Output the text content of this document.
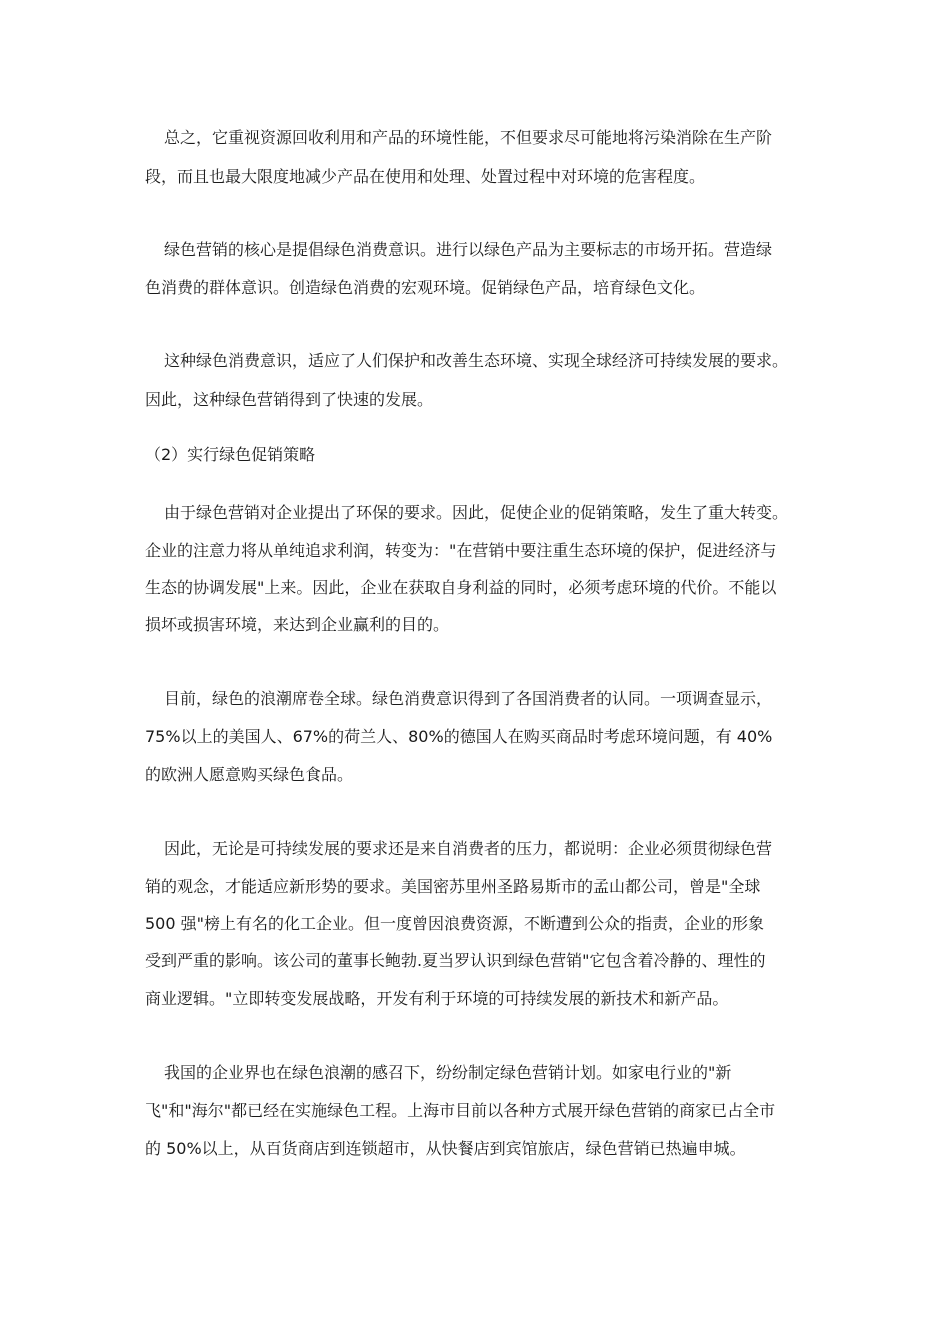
总之，它重视资源回收利用和产品的环境性能，不但要求尽可能地将污染消除在生产阶
段，而且也最大限度地减少产品在使用和处理、处置过程中对环境的危害程度。
绿色营销的核心是提倡绿色消费意识。进行以绿色产品为主要标志的市场开拓。营造绿
色消费的群体意识。创造绿色消费的宏观环境。促销绿色产品，培育绿色文化。
这种绿色消费意识，适应了人们保护和改善生态环境、实现全球经济可持续发展的要求。
因此，这种绿色营销得到了快速的发展。
（2）实行绿色促销策略
由于绿色营销对企业提出了环保的要求。因此，促使企业的促销策略，发生了重大转变。
企业的注意力将从单纯追求利润，转变为："在营销中要注重生态环境的保护，促进经济与
生态的协调发展"上来。因此，企业在获取自身利益的同时，必须考虑环境的代价。不能以
损坏或损害环境，来达到企业赢利的目的。
目前，绿色的浪潮席卷全球。绿色消费意识得到了各国消费者的认同。一项调查显示，
75%以上的美国人、67%的荷兰人、80%的德国人在购买商品时考虑环境问题，有 40%
的欧洲人愿意购买绿色食品。
因此，无论是可持续发展的要求还是来自消费者的压力，都说明：企业必须贯彻绿色营
销的观念，才能适应新形势的要求。美国密苏里州圣路易斯市的孟山都公司，曾是"全球
500 强"榜上有名的化工企业。但一度曾因浪费资源，不断遭到公众的指责，企业的形象
受到严重的影响。该公司的董事长鲍勃.夏当罗认识到绿色营销"它包含着冷静的、理性的
商业逻辑。"立即转变发展战略，开发有利于环境的可持续发展的新技术和新产品。
我国的企业界也在绿色浪潮的感召下，纷纷制定绿色营销计划。如家电行业的"新
飞"和"海尔"都已经在实施绿色工程。上海市目前以各种方式展开绿色营销的商家已占全市
的 50%以上，从百货商店到连锁超市，从快餐店到宾馆旅店，绿色营销已热遍申城。
